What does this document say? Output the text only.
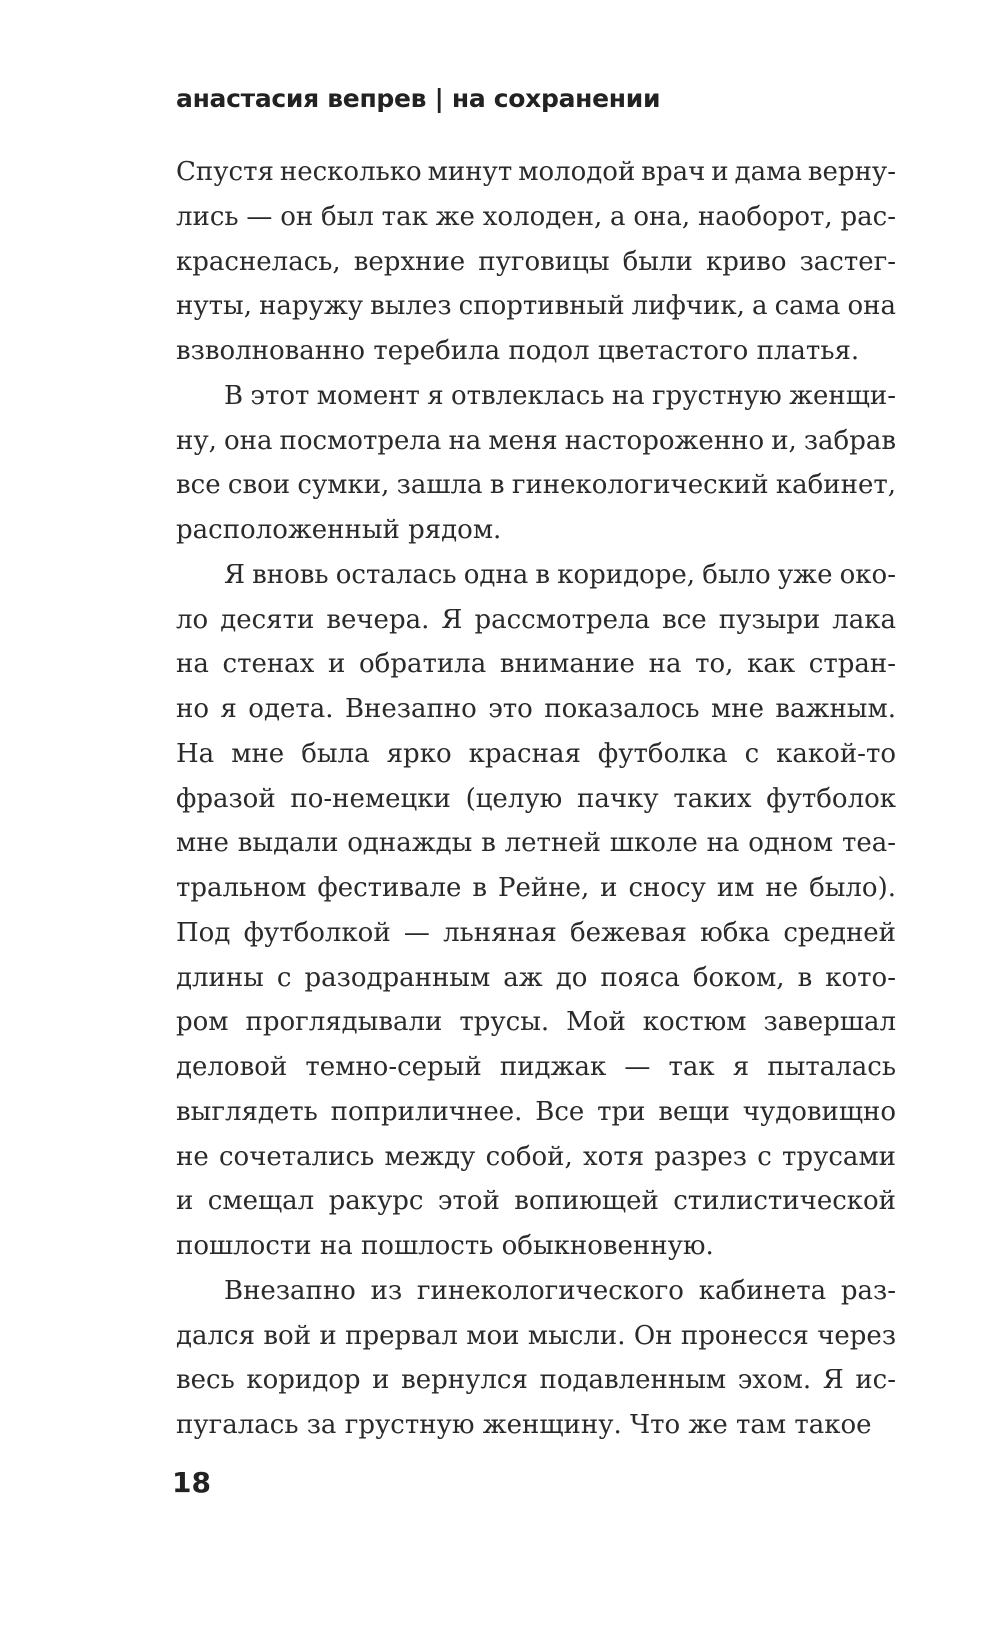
анастасия вепрев | на сохранении
Спустя несколько минут молодой врач и дама верну-
лись — он был так же холоден, а она, наоборот, рас-
краснелась, верхние пуговицы были криво застег-
нуты, наружу вылез спортивный лифчик, а сама она
взволнованно теребила подол цветастого платья.
В этот момент я отвлеклась на грустную женщи-
ну, она посмотрела на меня настороженно и, забрав
все свои сумки, зашла в гинекологический кабинет,
расположенный рядом.
Я вновь осталась одна в коридоре, было уже око-
ло десяти вечера. Я рассмотрела все пузыри лака
на стенах и обратила внимание на то, как стран-
но я одета. Внезапно это показалось мне важным.
На мне была ярко красная футболка с какой-то
фразой по-немецки (целую пачку таких футболок
мне выдали однажды в летней школе на одном теа-
тральном фестивале в Рейне, и сносу им не было).
Под футболкой — льняная бежевая юбка средней
длины с разодранным аж до пояса боком, в кото-
ром проглядывали трусы. Мой костюм завершал
деловой темно-серый пиджак — так я пыталась
выглядеть поприличнее. Все три вещи чудовищно
не сочетались между собой, хотя разрез с трусами
и смещал ракурс этой вопиющей стилистической
пошлости на пошлость обыкновенную.
Внезапно из гинекологического кабинета раз-
дался вой и прервал мои мысли. Он пронесся через
весь коридор и вернулся подавленным эхом. Я ис-
пугалась за грустную женщину. Что же там такое
18
